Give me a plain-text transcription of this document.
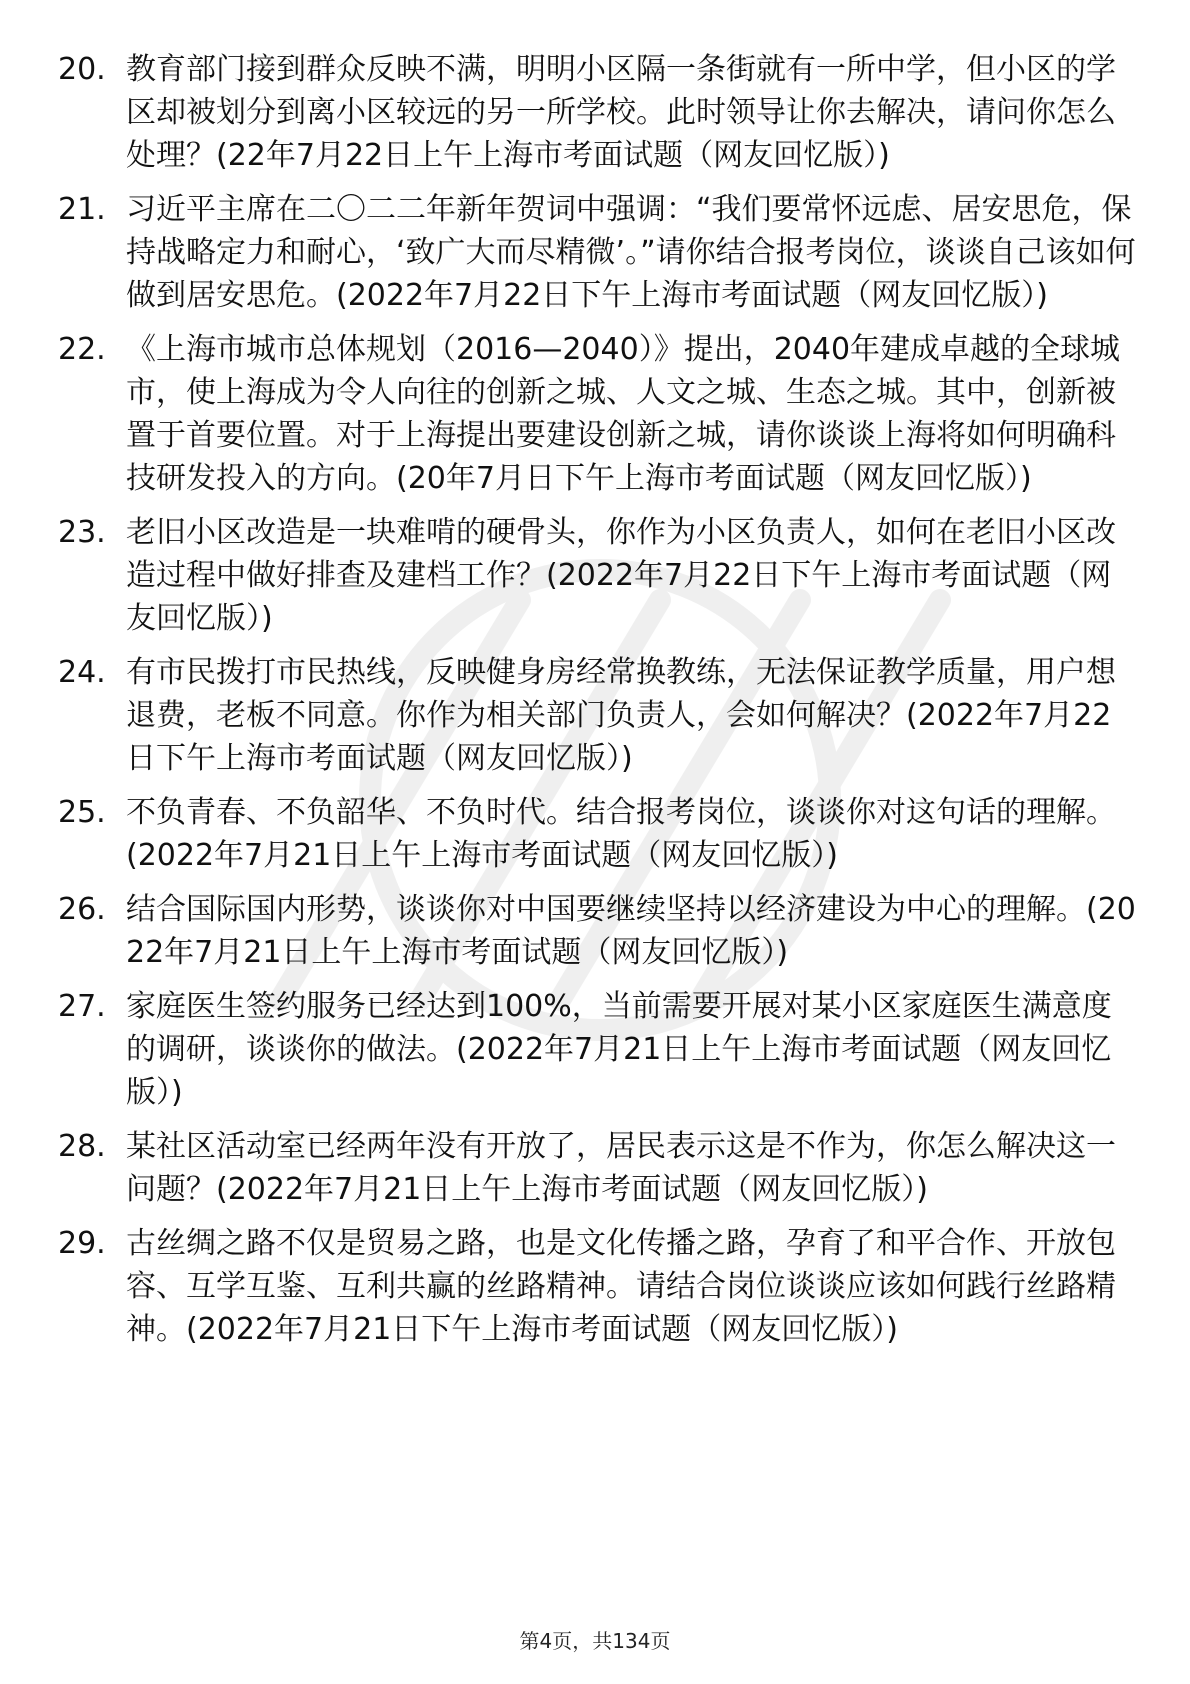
20. 教育部门接到群众反映不满，明明小区隔一条街就有一所中学，但小区的学区却被划分到离小区较远的另一所学校。此时领导让你去解决，请问你怎么处理？(22年7月22日上午上海市考面试题（网友回忆版）)
21. 习近平主席在二〇二二年新年贺词中强调：“我们要常怀远虑、居安思危，保持战略定力和耐心，‘致广大而尽精微’。”请你结合报考岗位，谈谈自己该如何做到居安思危。(2022年7月22日下午上海市考面试题（网友回忆版）)
22. 《上海市城市总体规划（2016—2040）》提出，2040年建成卓越的全球城市，使上海成为令人向往的创新之城、人文之城、生态之城。其中，创新被置于首要位置。对于上海提出要建设创新之城，请你谈谈上海将如何明确科技研发投入的方向。(20年7月日下午上海市考面试题（网友回忆版）)
23. 老旧小区改造是一块难啃的硬骨头，你作为小区负责人，如何在老旧小区改造过程中做好排查及建档工作？(2022年7月22日下午上海市考面试题（网友回忆版）)
24. 有市民拨打市民热线，反映健身房经常换教练，无法保证教学质量，用户想退费，老板不同意。你作为相关部门负责人，会如何解决？(2022年7月22日下午上海市考面试题（网友回忆版）)
25. 不负青春、不负韶华、不负时代。结合报考岗位，谈谈你对这句话的理解。(2022年7月21日上午上海市考面试题（网友回忆版）)
26. 结合国际国内形势，谈谈你对中国要继续坚持以经济建设为中心的理解。(2022年7月21日上午上海市考面试题（网友回忆版）)
27. 家庭医生签约服务已经达到100%，当前需要开展对某小区家庭医生满意度的调研，谈谈你的做法。(2022年7月21日上午上海市考面试题（网友回忆版）)
28. 某社区活动室已经两年没有开放了，居民表示这是不作为，你怎么解决这一问题？(2022年7月21日上午上海市考面试题（网友回忆版）)
29. 古丝绸之路不仅是贸易之路，也是文化传播之路，孕育了和平合作、开放包容、互学互鉴、互利共赢的丝路精神。请结合岗位谈谈应该如何践行丝路精神。(2022年7月21日下午上海市考面试题（网友回忆版）)
第4页，共134页
